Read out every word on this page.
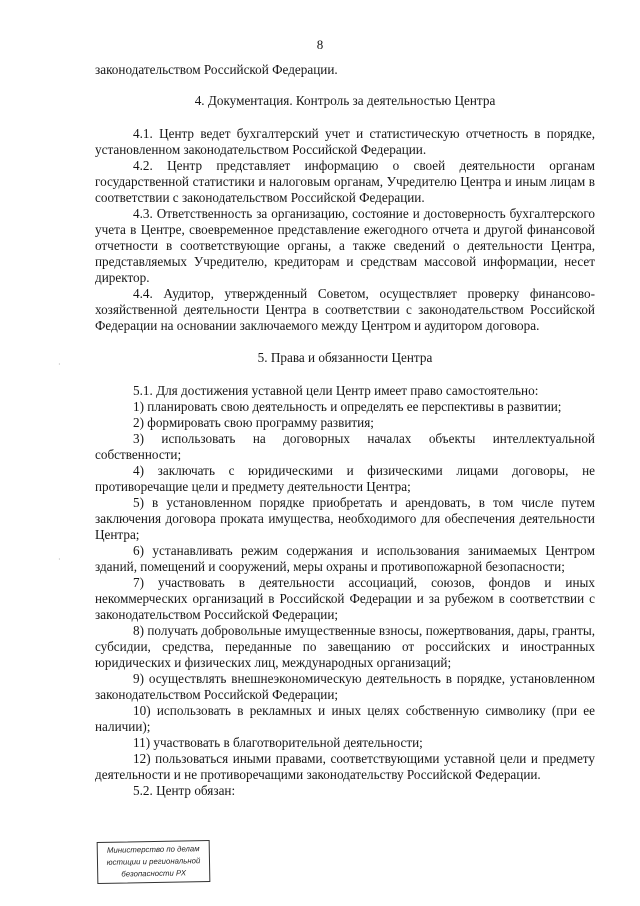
8
·
·

законодательством Российской Федерации.

4. Документация. Контроль за деятельностью Центра

4.1. Центр ведет бухгалтерский учет и статистическую отчетность в порядке, установленном законодательством Российской Федерации.

4.2. Центр представляет информацию о своей деятельности органам государственной статистики и налоговым органам, Учредителю Центра и иным лицам в соответствии с законодательством Российской Федерации.

4.3. Ответственность за организацию, состояние и достоверность бухгалтерского учета в Центре, своевременное представление ежегодного отчета и другой финансовой отчетности в соответствующие органы, а также сведений о деятельности Центра, представляемых Учредителю, кредиторам и средствам массовой информации, несет директор.

4.4. Аудитор, утвержденный Советом, осуществляет проверку финансово-хозяйственной деятельности Центра в соответствии с законодательством Российской Федерации на основании заключаемого между Центром и аудитором договора.

5. Права и обязанности Центра

5.1. Для достижения уставной цели Центр имеет право самостоятельно:

1) планировать свою деятельность и определять ее перспективы в развитии;

2) формировать свою программу развития;

3) использовать на договорных началах объекты интеллектуальной собственности;

4) заключать с юридическими и физическими лицами договоры, не противоречащие цели и предмету деятельности Центра;

5) в установленном порядке приобретать и арендовать, в том числе путем заключения договора проката имущества, необходимого для обеспечения деятельности Центра;

6) устанавливать режим содержания и использования занимаемых Центром зданий, помещений и сооружений, меры охраны и противопожарной безопасности;

7) участвовать в деятельности ассоциаций, союзов, фондов и иных некоммерческих организаций в Российской Федерации и за рубежом в соответствии с законодательством Российской Федерации;

8) получать добровольные имущественные взносы, пожертвования, дары, гранты, субсидии, средства, переданные по завещанию от российских и иностранных юридических и физических лиц, международных организаций;

9) осуществлять внешнеэкономическую деятельность в порядке, установленном законодательством Российской Федерации;

10) использовать в рекламных и иных целях собственную символику (при ее наличии);

11) участвовать в благотворительной деятельности;

12) пользоваться иными правами, соответствующими уставной цели и предмету деятельности и не противоречащими законодательству Российской Федерации.

5.2. Центр обязан:

Министерство по делам
юстиции и региональной
безопасности РХ
